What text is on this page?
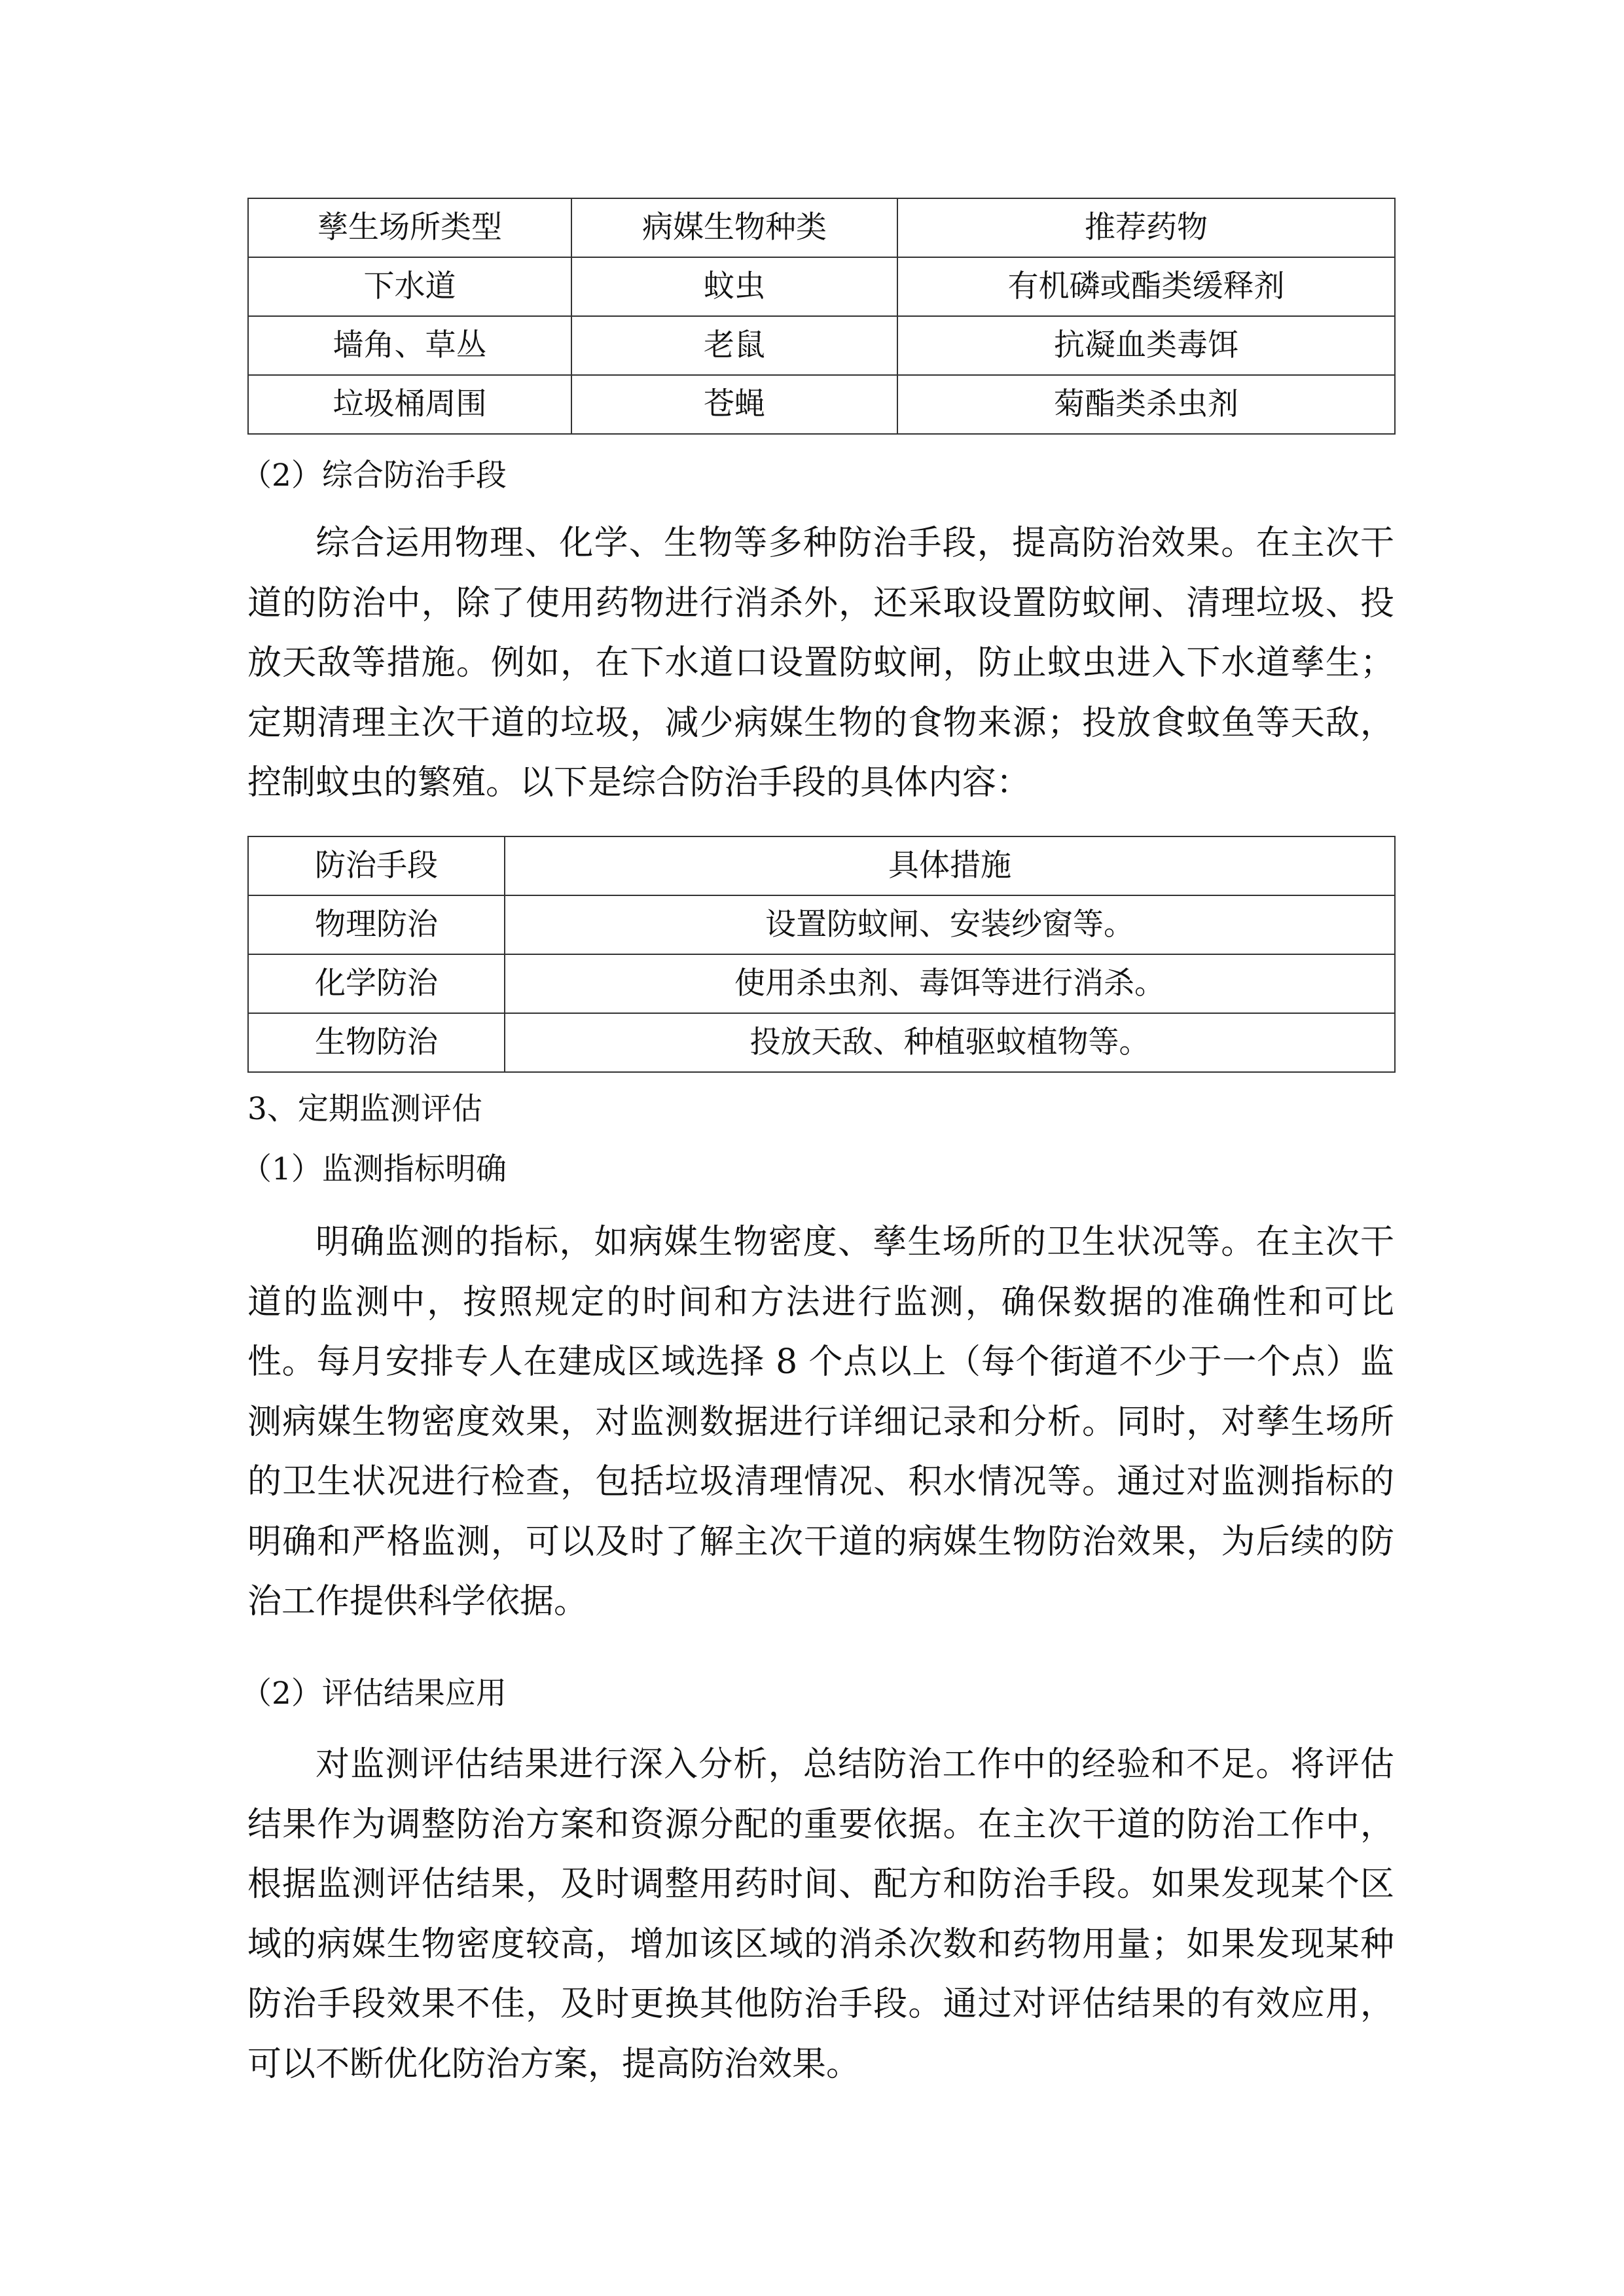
孳生场所类型	病媒生物种类	推荐药物
下水道	蚊虫	有机磷或酯类缓释剂
墙角、草丛	老鼠	抗凝血类毒饵
垃圾桶周围	苍蝇	菊酯类杀虫剂
（2）综合防治手段

综合运用物理、化学、生物等多种防治手段，提高防治效果。在主次干道的防治中，除了使用药物进行消杀外，还采取设置防蚊闸、清理垃圾、投放天敌等措施。例如，在下水道口设置防蚊闸，防止蚊虫进入下水道孳生；定期清理主次干道的垃圾，减少病媒生物的食物来源；投放食蚊鱼等天敌，控制蚊虫的繁殖。以下是综合防治手段的具体内容：

防治手段	具体措施
物理防治	设置防蚊闸、安装纱窗等。
化学防治	使用杀虫剂、毒饵等进行消杀。
生物防治	投放天敌、种植驱蚊植物等。
3、定期监测评估
（1）监测指标明确

明确监测的指标，如病媒生物密度、孳生场所的卫生状况等。在主次干道的监测中，按照规定的时间和方法进行监测，确保数据的准确性和可比性。每月安排专人在建成区域选择 8 个点以上（每个街道不少于一个点）监测病媒生物密度效果，对监测数据进行详细记录和分析。同时，对孳生场所的卫生状况进行检查，包括垃圾清理情况、积水情况等。通过对监测指标的明确和严格监测，可以及时了解主次干道的病媒生物防治效果，为后续的防治工作提供科学依据。

（2）评估结果应用

对监测评估结果进行深入分析，总结防治工作中的经验和不足。将评估结果作为调整防治方案和资源分配的重要依据。在主次干道的防治工作中，根据监测评估结果，及时调整用药时间、配方和防治手段。如果发现某个区域的病媒生物密度较高，增加该区域的消杀次数和药物用量；如果发现某种防治手段效果不佳，及时更换其他防治手段。通过对评估结果的有效应用，可以不断优化防治方案，提高防治效果。
